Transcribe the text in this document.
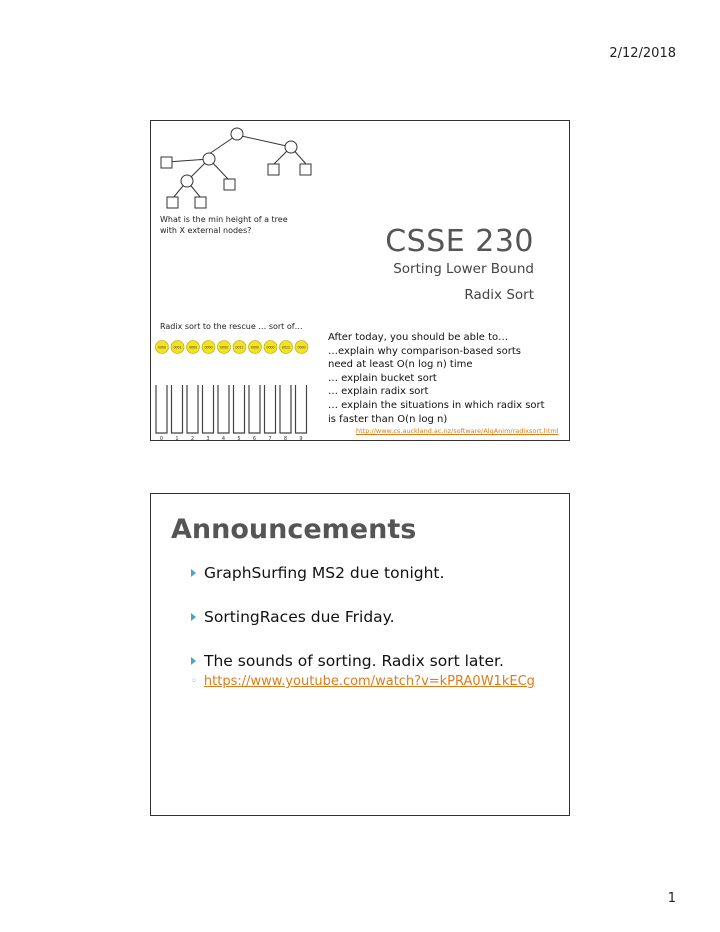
2/12/2018
What is the min height of a tree with X external nodes?	CSSE 230
Sorting Lower Bound
Radix Sort
Radix sort to the rescue … sort of…
0000 0001 0000 0000 0000 0011 0000 0000 0022 0000
0 1 2 3 4 5 6 7 8 9
After today, you should be able to…
…explain why comparison-based sorts
need at least O(n log n) time
… explain bucket sort
… explain radix sort
… explain the situations in which radix sort
is faster than O(n log n)
http://www.cs.auckland.ac.nz/software/AlgAnim/radixsort.html
Announcements
GraphSurfing MS2 due tonight.
SortingRaces due Friday.
The sounds of sorting. Radix sort later.
◦ https://www.youtube.com/watch?v=kPRA0W1kECg
1
